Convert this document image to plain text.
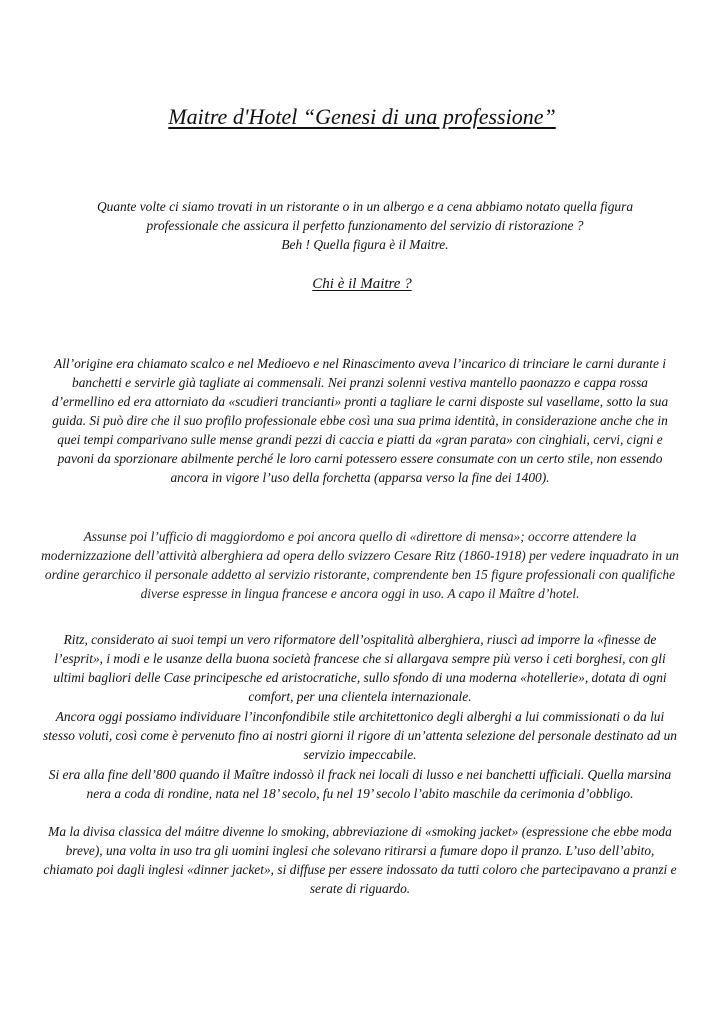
Maitre d'Hotel “Genesi di una professione”

Quante volte ci siamo trovati in un ristorante o in un albergo e a cena abbiamo notato quella figura
professionale che assicura il perfetto funzionamento del servizio di ristorazione ?
Beh ! Quella figura è il Maitre.

Chi è il Maitre ?

All’origine era chiamato scalco e nel Medioevo e nel Rinascimento aveva l’incarico di trinciare le carni durante i banchetti e servirle già tagliate ai commensali. Nei pranzi solenni vestiva mantello paonazzo e cappa rossa d’ermellino ed era attorniato da «scudieri trancianti» pronti a tagliare le carni disposte sul vasellame, sotto la sua guida. Si può dire che il suo profilo professionale ebbe così una sua prima identità, in considerazione anche che in quei tempi comparivano sulle mense grandi pezzi di caccia e piatti da «gran parata» con cinghiali, cervi, cigni e pavoni da sporzionare abilmente perché le loro carni potessero essere consumate con un certo stile, non essendo ancora in vigore l’uso della forchetta (apparsa verso la fine dei 1400).

Assunse poi l’ufficio di maggiordomo e poi ancora quello di «direttore di mensa»; occorre attendere la modernizzazione dell’attività alberghiera ad opera dello svizzero Cesare Ritz (1860-1918) per vedere inquadrato in un ordine gerarchico il personale addetto al servizio ristorante, comprendente ben 15 figure professionali con qualifiche diverse espresse in lingua francese e ancora oggi in uso. A capo il Maître d’hotel.

Ritz, considerato ai suoi tempi un vero riformatore dell’ospitalità alberghiera, riuscì ad imporre la «finesse de l’esprit», i modi e le usanze della buona società francese che si allargava sempre più verso i ceti borghesi, con gli ultimi bagliori delle Case principesche ed aristocratiche, sullo sfondo di una moderna «hotellerie», dotata di ogni comfort, per una clientela internazionale.

Ancora oggi possiamo individuare l’inconfondibile stile architettonico degli alberghi a lui commissionati o da lui stesso voluti, così come è pervenuto fino ai nostri giorni il rigore di un’attenta selezione del personale destinato ad un servizio impeccabile.

Si era alla fine dell’800 quando il Maître indossò il frack nei locali di lusso e nei banchetti ufficiali. Quella marsina nera a coda di rondine, nata nel 18’ secolo, fu nel 19’ secolo l’abito maschile da cerimonia d’obbligo.

Ma la divisa classica del máitre divenne lo smoking, abbreviazione di «smoking jacket» (espressione che ebbe moda breve), una volta in uso tra gli uomini inglesi che solevano ritirarsi a fumare dopo il pranzo. L’uso dell’abito, chiamato poi dagli inglesi «dinner jacket», si diffuse per essere indossato da tutti coloro che partecipavano a pranzi e serate di riguardo.
